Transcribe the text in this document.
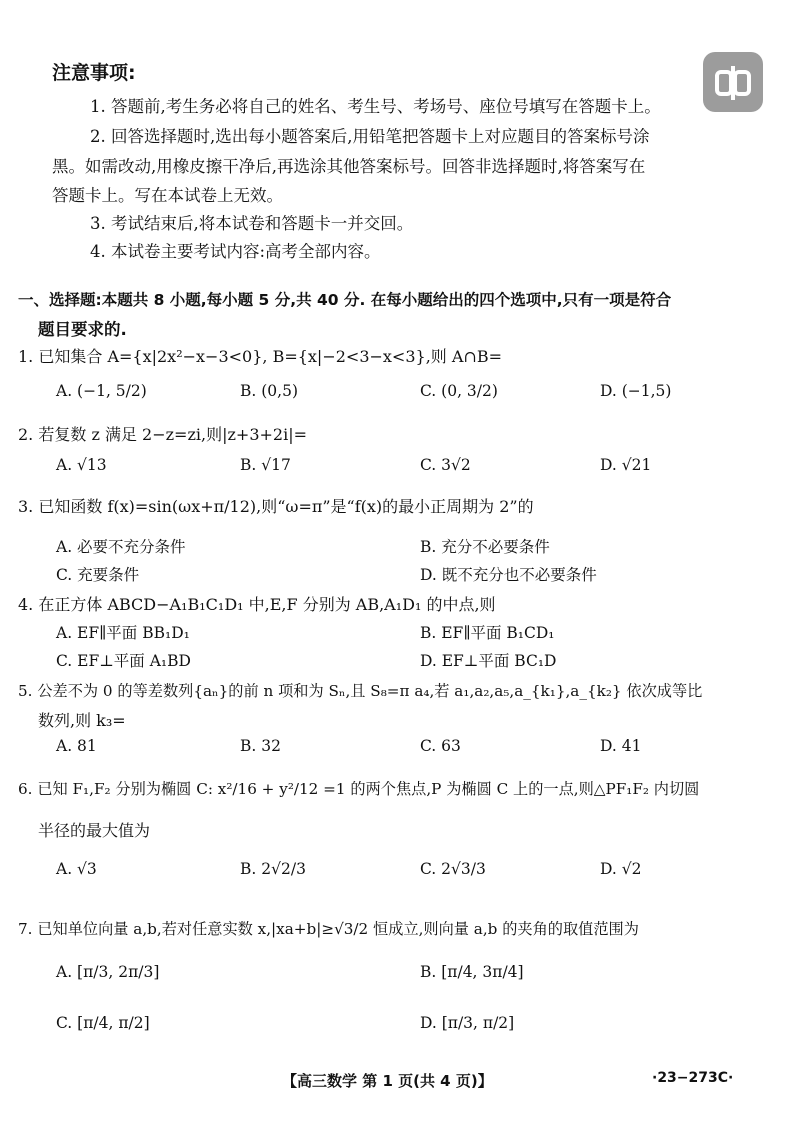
注意事项:
1. 答题前,考生务必将自己的姓名、考生号、考场号、座位号填写在答题卡上。
2. 回答选择题时,选出每小题答案后,用铅笔把答题卡上对应题目的答案标号涂
黑。如需改动,用橡皮擦干净后,再选涂其他答案标号。回答非选择题时,将答案写在
答题卡上。写在本试卷上无效。
3. 考试结束后,将本试卷和答题卡一并交回。
4. 本试卷主要考试内容:高考全部内容。
一、选择题:本题共 8 小题,每小题 5 分,共 40 分. 在每小题给出的四个选项中,只有一项是符合
题目要求的.
1. 已知集合 A={x|2x²−x−3<0}, B={x|−2<3−x<3},则 A∩B=
A. (−1, 5/2)	B. (0,5)	C. (0, 3/2)	D. (−1,5)
2. 若复数 z 满足 2−z=zi,则|z+3+2i|=
A. √13	B. √17	C. 3√2	D. √21
3. 已知函数 f(x)=sin(ωx+π/12),则“ω=π”是“f(x)的最小正周期为 2”的
A. 必要不充分条件	B. 充分不必要条件
C. 充要条件	D. 既不充分也不必要条件
4. 在正方体 ABCD−A₁B₁C₁D₁ 中,E,F 分别为 AB,A₁D₁ 的中点,则
A. EF∥平面 BB₁D₁	B. EF∥平面 B₁CD₁
C. EF⊥平面 A₁BD	D. EF⊥平面 BC₁D
5. 公差不为 0 的等差数列{aₙ}的前 n 项和为 Sₙ,且 S₈=π a₄,若 a₁,a₂,a₅,a_{k₁},a_{k₂} 依次成等比
数列,则 k₃=
A. 81	B. 32	C. 63	D. 41
6. 已知 F₁,F₂ 分别为椭圆 C: x²/16 + y²/12 =1 的两个焦点,P 为椭圆 C 上的一点,则△PF₁F₂ 内切圆
半径的最大值为
A. √3	B. 2√2/3	C. 2√3/3	D. √2
7. 已知单位向量 a,b,若对任意实数 x,|xa+b|≥√3/2 恒成立,则向量 a,b 的夹角的取值范围为
A. [π/3, 2π/3]	B. [π/4, 3π/4]
C. [π/4, π/2]	D. [π/3, π/2]
【高三数学 第 1 页(共 4 页)】	·23−273C·
